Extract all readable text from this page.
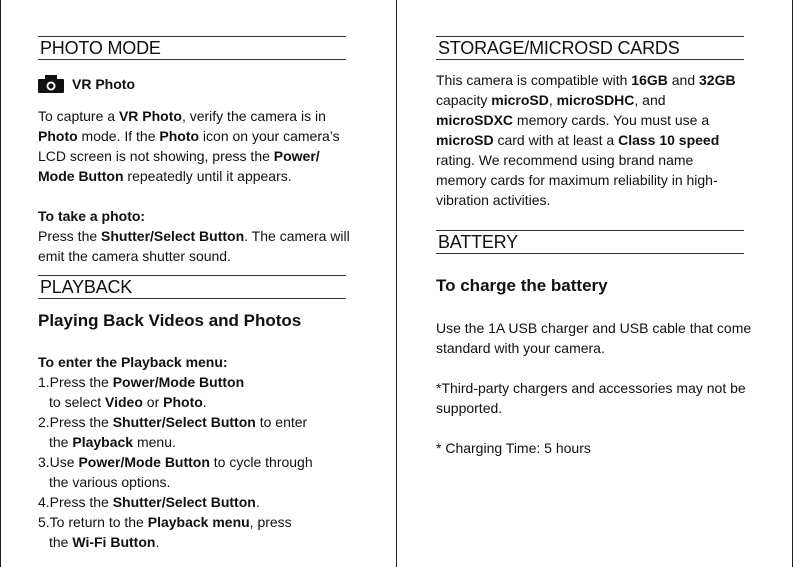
PHOTO MODE
VR Photo
To capture a VR Photo, verify the camera is in Photo mode. If the Photo icon on your camera’s LCD screen is not showing, press the Power/ Mode Button repeatedly until it appears.
To take a photo:
Press the Shutter/Select Button. The camera will emit the camera shutter sound.
PLAYBACK
Playing Back Videos and Photos
To enter the Playback menu:
1.Press the Power/Mode Button
to select Video or Photo.
2.Press the Shutter/Select Button to enter
the Playback menu.
3.Use Power/Mode Button to cycle through
the various options.
4.Press the Shutter/Select Button.
5.To return to the Playback menu, press
the Wi-Fi Button.
STORAGE/MICROSD CARDS
This camera is compatible with 16GB and 32GB capacity microSD, microSDHC, and microSDXC memory cards. You must use a microSD card with at least a Class 10 speed rating. We recommend using brand name memory cards for maximum reliability in high-vibration activities.
BATTERY
To charge the battery
Use the 1A USB charger and USB cable that come standard with your camera.
*Third-party chargers and accessories may not be supported.
* Charging Time: 5 hours
